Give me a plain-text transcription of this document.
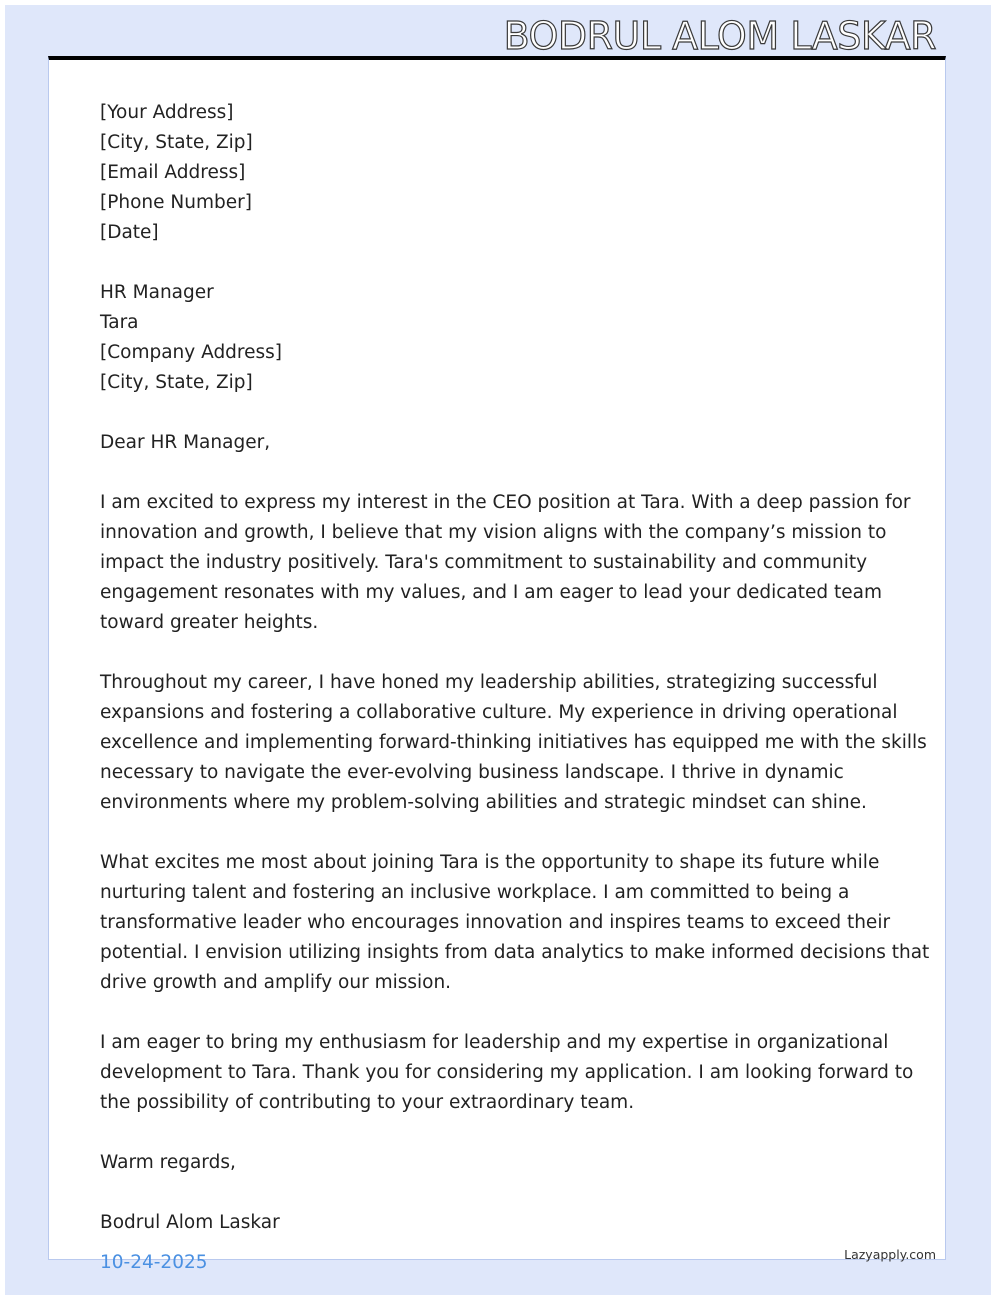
BODRUL ALOM LASKAR
[Your Address]
[City, State, Zip]
[Email Address]
[Phone Number]
[Date]
HR Manager
Tara
[Company Address]
[City, State, Zip]
Dear HR Manager,
I am excited to express my interest in the CEO position at Tara. With a deep passion for
innovation and growth, I believe that my vision aligns with the company’s mission to
impact the industry positively. Tara's commitment to sustainability and community
engagement resonates with my values, and I am eager to lead your dedicated team
toward greater heights.
Throughout my career, I have honed my leadership abilities, strategizing successful
expansions and fostering a collaborative culture. My experience in driving operational
excellence and implementing forward-thinking initiatives has equipped me with the skills
necessary to navigate the ever-evolving business landscape. I thrive in dynamic
environments where my problem-solving abilities and strategic mindset can shine.
What excites me most about joining Tara is the opportunity to shape its future while
nurturing talent and fostering an inclusive workplace. I am committed to being a
transformative leader who encourages innovation and inspires teams to exceed their
potential. I envision utilizing insights from data analytics to make informed decisions that
drive growth and amplify our mission.
I am eager to bring my enthusiasm for leadership and my expertise in organizational
development to Tara. Thank you for considering my application. I am looking forward to
the possibility of contributing to your extraordinary team.
Warm regards,
Bodrul Alom Laskar
10-24-2025	Lazyapply.com
